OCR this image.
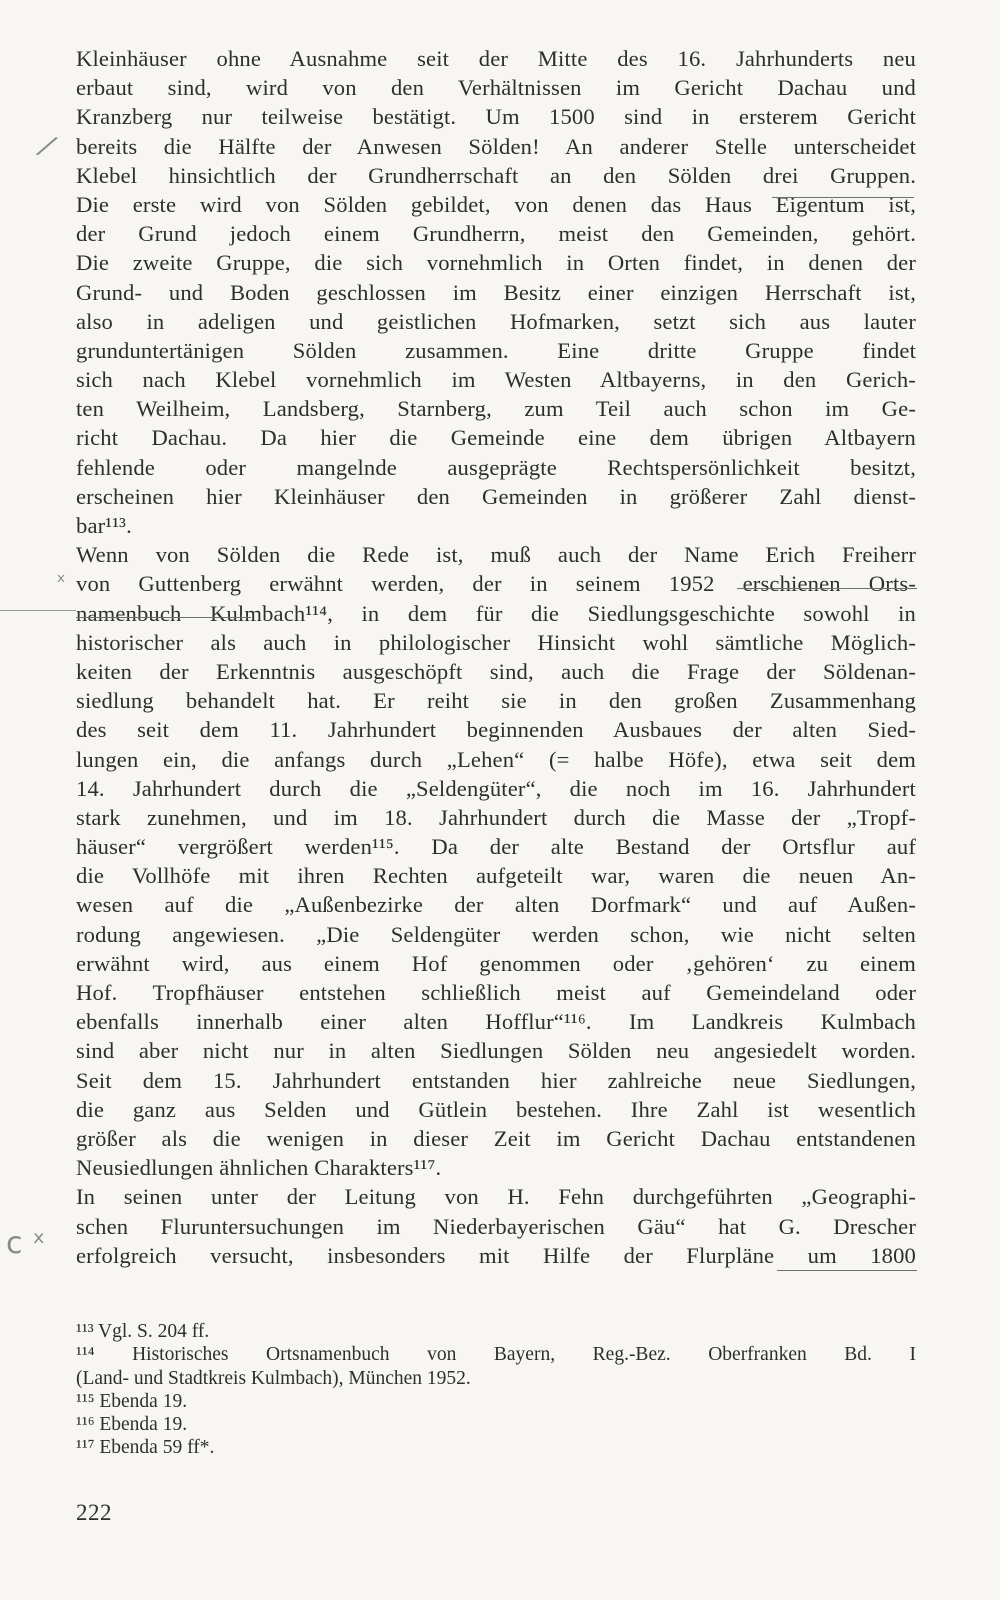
Kleinhäuser ohne Ausnahme seit der Mitte des 16. Jahrhunderts neu
erbaut sind, wird von den Verhältnissen im Gericht Dachau und
Kranzberg nur teilweise bestätigt. Um 1500 sind in ersterem Gericht
bereits die Hälfte der Anwesen Sölden! An anderer Stelle unterscheidet
Klebel hinsichtlich der Grundherrschaft an den Sölden drei Gruppen.
Die erste wird von Sölden gebildet, von denen das Haus Eigentum ist,
der Grund jedoch einem Grundherrn, meist den Gemeinden, gehört.
Die zweite Gruppe, die sich vornehmlich in Orten findet, in denen der
Grund- und Boden geschlossen im Besitz einer einzigen Herrschaft ist,
also in adeligen und geistlichen Hofmarken, setzt sich aus lauter
grunduntertänigen Sölden zusammen. Eine dritte Gruppe findet
sich nach Klebel vornehmlich im Westen Altbayerns, in den Gerich-
ten Weilheim, Landsberg, Starnberg, zum Teil auch schon im Ge-
richt Dachau. Da hier die Gemeinde eine dem übrigen Altbayern
fehlende oder mangelnde ausgeprägte Rechtspersönlichkeit besitzt,
erscheinen hier Kleinhäuser den Gemeinden in größerer Zahl dienst-
bar¹¹³.
Wenn von Sölden die Rede ist, muß auch der Name Erich Freiherr
von Guttenberg erwähnt werden, der in seinem 1952 erschienen Orts-
namenbuch Kulmbach¹¹⁴, in dem für die Siedlungsgeschichte sowohl in
historischer als auch in philologischer Hinsicht wohl sämtliche Möglich-
keiten der Erkenntnis ausgeschöpft sind, auch die Frage der Söldenan-
siedlung behandelt hat. Er reiht sie in den großen Zusammenhang
des seit dem 11. Jahrhundert beginnenden Ausbaues der alten Sied-
lungen ein, die anfangs durch „Lehen“ (= halbe Höfe), etwa seit dem
14. Jahrhundert durch die „Seldengüter“, die noch im 16. Jahrhundert
stark zunehmen, und im 18. Jahrhundert durch die Masse der „Tropf-
häuser“ vergrößert werden¹¹⁵. Da der alte Bestand der Ortsflur auf
die Vollhöfe mit ihren Rechten aufgeteilt war, waren die neuen An-
wesen auf die „Außenbezirke der alten Dorfmark“ und auf Außen-
rodung angewiesen. „Die Seldengüter werden schon, wie nicht selten
erwähnt wird, aus einem Hof genommen oder ‚gehören‘ zu einem
Hof. Tropfhäuser entstehen schließlich meist auf Gemeindeland oder
ebenfalls innerhalb einer alten Hofflur“¹¹⁶. Im Landkreis Kulmbach
sind aber nicht nur in alten Siedlungen Sölden neu angesiedelt worden.
Seit dem 15. Jahrhundert entstanden hier zahlreiche neue Siedlungen,
die ganz aus Selden und Gütlein bestehen. Ihre Zahl ist wesentlich
größer als die wenigen in dieser Zeit im Gericht Dachau entstandenen
Neusiedlungen ähnlichen Charakters¹¹⁷.
In seinen unter der Leitung von H. Fehn durchgeführten „Geographi-
schen Fluruntersuchungen im Niederbayerischen Gäu“ hat G. Drescher
erfolgreich versucht, insbesonders mit Hilfe der Flurpläne um 1800
¹¹³ Vgl. S. 204 ff.
¹¹⁴ Historisches Ortsnamenbuch von Bayern, Reg.-Bez. Oberfranken Bd. I
(Land- und Stadtkreis Kulmbach), München 1952.
¹¹⁵ Ebenda 19.
¹¹⁶ Ebenda 19.
¹¹⁷ Ebenda 59 ff*.
222
⁄
ˣ
ⅽ ˣ
